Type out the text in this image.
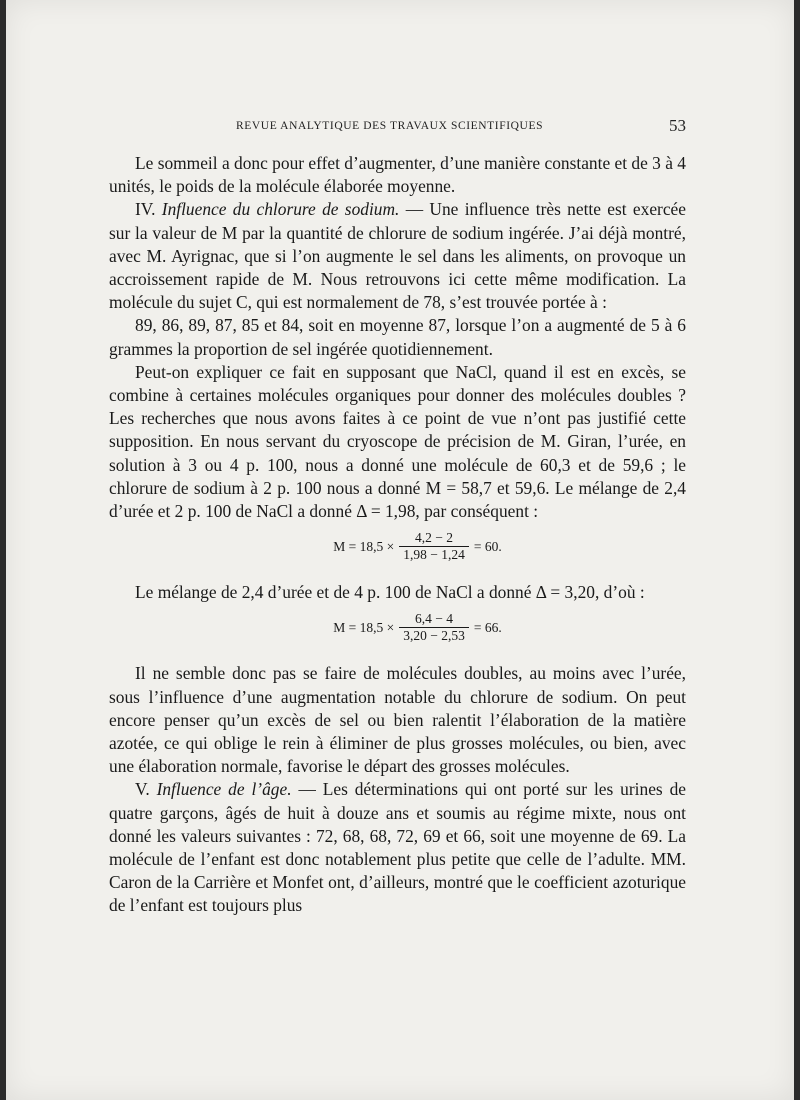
REVUE ANALYTIQUE DES TRAVAUX SCIENTIFIQUES	53

Le sommeil a donc pour effet d’augmenter, d’une manière constante et de 3 à 4 unités, le poids de la molécule élaborée moyenne.

IV. Influence du chlorure de sodium. — Une influence très nette est exercée sur la valeur de M par la quantité de chlorure de sodium ingérée. J’ai déjà montré, avec M. Ayrignac, que si l’on augmente le sel dans les aliments, on provoque un accroissement rapide de M. Nous retrouvons ici cette même modification. La molécule du sujet C, qui est normalement de 78, s’est trouvée portée à :

89, 86, 89, 87, 85 et 84, soit en moyenne 87, lorsque l’on a augmenté de 5 à 6 grammes la proportion de sel ingérée quotidiennement.

Peut-on expliquer ce fait en supposant que NaCl, quand il est en excès, se combine à certaines molécules organiques pour donner des molécules doubles ? Les recherches que nous avons faites à ce point de vue n’ont pas justifié cette supposition. En nous servant du cryoscope de précision de M. Giran, l’urée, en solution à 3 ou 4 p. 100, nous a donné une molécule de 60,3 et de 59,6 ; le chlorure de sodium à 2 p. 100 nous a donné M = 58,7 et 59,6. Le mélange de 2,4 d’urée et 2 p. 100 de NaCl a donné Δ = 1,98, par conséquent :

$M = 18,5 \times \frac{4,2 - 2}{1,98 - 1,24} = 60$.

Le mélange de 2,4 d’urée et de 4 p. 100 de NaCl a donné Δ = 3,20, d’où :

$M = 18,5 \times \frac{6,4 - 4}{3,20 - 2,53} = 66$.

Il ne semble donc pas se faire de molécules doubles, au moins avec l’urée, sous l’influence d’une augmentation notable du chlorure de sodium. On peut encore penser qu’un excès de sel ou bien ralentit l’élaboration de la matière azotée, ce qui oblige le rein à éliminer de plus grosses molécules, ou bien, avec une élaboration normale, favorise le départ des grosses molécules.

V. Influence de l’âge. — Les déterminations qui ont porté sur les urines de quatre garçons, âgés de huit à douze ans et soumis au régime mixte, nous ont donné les valeurs suivantes : 72, 68, 68, 72, 69 et 66, soit une moyenne de 69. La molécule de l’enfant est donc notablement plus petite que celle de l’adulte. MM. Caron de la Carrière et Monfet ont, d’ailleurs, montré que le coefficient azoturique de l’enfant est toujours plus
